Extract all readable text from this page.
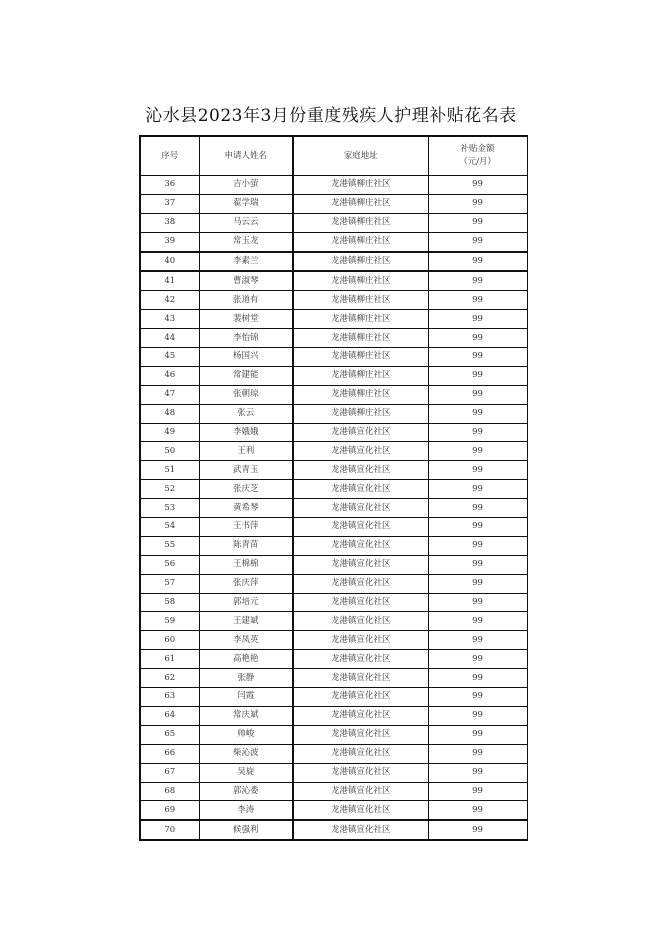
沁水县2023年3月份重度残疾人护理补贴花名表
序号	申请人姓名	家庭地址	补贴金额
（元/月）

36	吉小萤	龙港镇柳庄社区	99
37	翟学瑞	龙港镇柳庄社区	99
38	马云云	龙港镇柳庄社区	99
39	常玉龙	龙港镇柳庄社区	99
40	李素兰	龙港镇柳庄社区	99
41	曹淑琴	龙港镇柳庄社区	99
42	张道有	龙港镇柳庄社区	99
43	裴树堂	龙港镇柳庄社区	99
44	李怡锦	龙港镇柳庄社区	99
45	杨国兴	龙港镇柳庄社区	99
46	常建能	龙港镇柳庄社区	99
47	张朝琼	龙港镇柳庄社区	99
48	张云	龙港镇柳庄社区	99
49	李娥娥	龙港镇宣化社区	99
50	王利	龙港镇宣化社区	99
51	武青玉	龙港镇宣化社区	99
52	张庆芝	龙港镇宣化社区	99
53	黄希琴	龙港镇宣化社区	99
54	王书萍	龙港镇宣化社区	99
55	陈青苗	龙港镇宣化社区	99
56	王棉棉	龙港镇宣化社区	99
57	张庆萍	龙港镇宣化社区	99
58	郭培元	龙港镇宣化社区	99
59	王建斌	龙港镇宣化社区	99
60	李凤英	龙港镇宣化社区	99
61	高艳艳	龙港镇宣化社区	99
62	张静	龙港镇宣化社区	99
63	闫霞	龙港镇宣化社区	99
64	常庆斌	龙港镇宣化社区	99
65	帅峻	龙港镇宣化社区	99
66	柴沁波	龙港镇宣化社区	99
67	吴旋	龙港镇宣化社区	99
68	郭沁委	龙港镇宣化社区	99
69	李涛	龙港镇宣化社区	99
70	候强利	龙港镇宣化社区	99
